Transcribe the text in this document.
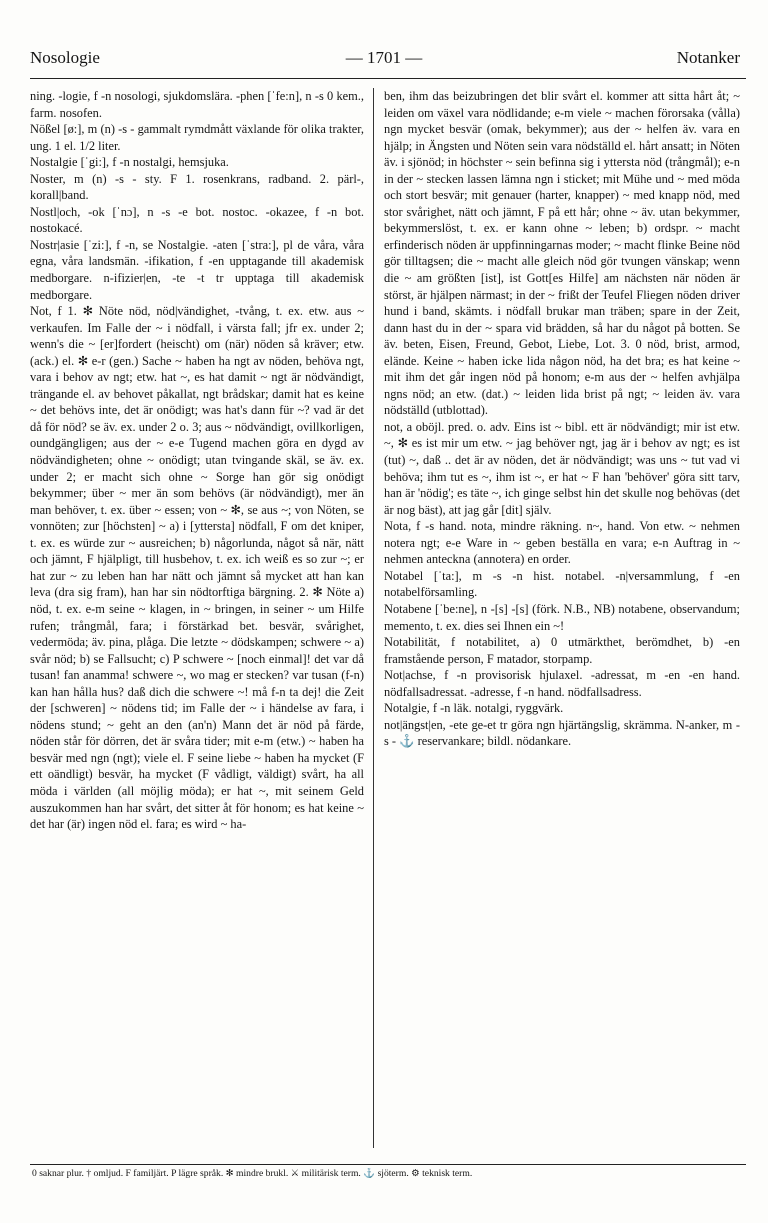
Nosologie	— 1701 —	Notanker

ning. -logie, f -n nosologi, sjukdomslära. -phen [ˈfe:n], n -s 0 kem., farm. nosofen.

Nößel [ø:], m (n) -s - gammalt rymdmått växlande för olika trakter, ung. 1 el. 1/2 liter.

Nostalgie [ˈgi:], f -n nostalgi, hemsjuka.

Noster, m (n) -s - sty. F 1. rosenkrans, radband. 2. pärl-, korall|band.

Nostl|och, -ok [ˈnɔ], n -s -e bot. nostoc. -okazee, f -n bot. nostokacé.

Nostr|asie [ˈzi:], f -n, se Nostalgie. -aten [ˈstra:], pl de våra, våra egna, våra landsmän. -ifikation, f -en upptagande till akademisk medborgare. n-ifizier|en, -te -t tr upptaga till akademisk medborgare.

Not, f 1. ✻ Nöte nöd, nöd|vändighet, -tvång, t. ex. etw. aus ~ verkaufen. Im Falle der ~ i nödfall, i värsta fall; jfr ex. under 2; wenn's die ~ [er]fordert (heischt) om (när) nöden så kräver; etw. (ack.) el. ✻ e-r (gen.) Sache ~ haben ha ngt av nöden, behöva ngt, vara i behov av ngt; etw. hat ~, es hat damit ~ ngt är nödvändigt, trängande el. av behovet påkallat, ngt brådskar; damit hat es keine ~ det behövs inte, det är onödigt; was hat's dann für ~? vad är det då för nöd? se äv. ex. under 2 o. 3; aus ~ nödvändigt, ovillkorligen, oundgängligen; aus der ~ e-e Tugend machen göra en dygd av nödvändigheten; ohne ~ onödigt; utan tvingande skäl, se äv. ex. under 2; er macht sich ohne ~ Sorge han gör sig onödigt bekymmer; über ~ mer än som behövs (är nödvändigt), mer än man behöver, t. ex. über ~ essen; von ~ ✻, se aus ~; von Nöten, se vonnöten; zur [höchsten] ~ a) i [yttersta] nödfall, F om det kniper, t. ex. es würde zur ~ ausreichen; b) någorlunda, något så när, nätt och jämnt, F hjälpligt, till husbehov, t. ex. ich weiß es so zur ~; er hat zur ~ zu leben han har nätt och jämnt så mycket att han kan leva (dra sig fram), han har sin nödtorftiga bärgning. 2. ✻ Nöte a) nöd, t. ex. e-m seine ~ klagen, in ~ bringen, in seiner ~ um Hilfe rufen; trångmål, fara; i förstärkad bet. besvär, svårighet, vedermöda; äv. pina, plåga. Die letzte ~ dödskampen; schwere ~ a) svår nöd; b) se Fallsucht; c) P schwere ~ [noch einmal]! det var då tusan! fan anamma! schwere ~, wo mag er stecken? var tusan (f-n) kan han hålla hus? daß dich die schwere ~! må f-n ta dej! die Zeit der [schweren] ~ nödens tid; im Falle der ~ i händelse av fara, i nödens stund; ~ geht an den (an'n) Mann det är nöd på färde, nöden står för dörren, det är svåra tider; mit e-m (etw.) ~ haben ha besvär med ngn (ngt); viele el. F seine liebe ~ haben ha mycket (F ett oändligt) besvär, ha mycket (F vådligt, väldigt) svårt, ha all möda i världen (all möjlig möda); er hat ~, mit seinem Geld auszukommen han har svårt, det sitter åt för honom; es hat keine ~ det har (är) ingen nöd el. fara; es wird ~ ha-

ben, ihm das beizubringen det blir svårt el. kommer att sitta hårt åt; ~ leiden om växel vara nödlidande; e-m viele ~ machen förorsaka (vålla) ngn mycket besvär (omak, bekymmer); aus der ~ helfen äv. vara en hjälp; in Ängsten und Nöten sein vara nödställd el. hårt ansatt; in Nöten äv. i sjönöd; in höchster ~ sein befinna sig i yttersta nöd (trångmål); e-n in der ~ stecken lassen lämna ngn i sticket; mit Mühe und ~ med möda och stort besvär; mit genauer (harter, knapper) ~ med knapp nöd, med stor svårighet, nätt och jämnt, F på ett hår; ohne ~ äv. utan bekymmer, bekymmerslöst, t. ex. er kann ohne ~ leben; b) ordspr. ~ macht erfinderisch nöden är uppfinningarnas moder; ~ macht flinke Beine nöd gör tilltagsen; die ~ macht alle gleich nöd gör tvungen vänskap; wenn die ~ am größten [ist], ist Gott[es Hilfe] am nächsten när nöden är störst, är hjälpen närmast; in der ~ frißt der Teufel Fliegen nöden driver hund i band, skämts. i nödfall brukar man träben; spare in der Zeit, dann hast du in der ~ spara vid brädden, så har du något på botten. Se äv. beten, Eisen, Freund, Gebot, Liebe, Lot. 3. 0 nöd, brist, armod, elände. Keine ~ haben icke lida någon nöd, ha det bra; es hat keine ~ mit ihm det går ingen nöd på honom; e-m aus der ~ helfen avhjälpa ngns nöd; an etw. (dat.) ~ leiden lida brist på ngt; ~ leiden äv. vara nödställd (utblottad).

not, a oböjl. pred. o. adv. Eins ist ~ bibl. ett är nödvändigt; mir ist etw. ~, ✻ es ist mir um etw. ~ jag behöver ngt, jag är i behov av ngt; es ist (tut) ~, daß .. det är av nöden, det är nödvändigt; was uns ~ tut vad vi behöva; ihm tut es ~, ihm ist ~, er hat ~ F han 'behöver' göra sitt tarv, han är 'nödig'; es täte ~, ich ginge selbst hin det skulle nog behövas (det är nog bäst), att jag går [dit] själv.

Nota, f -s hand. nota, mindre räkning. n~, hand. Von etw. ~ nehmen notera ngt; e-e Ware in ~ geben beställa en vara; e-n Auftrag in ~ nehmen anteckna (annotera) en order.

Notabel [ˈta:], m -s -n hist. notabel. -n|versammlung, f -en notabelförsamling.

Notabene [ˈbe:ne], n -[s] -[s] (förk. N.B., NB) notabene, observandum; memento, t. ex. dies sei Ihnen ein ~!

Notabilität, f notabilitet, a) 0 utmärkthet, berömdhet, b) -en framstående person, F matador, storpamp.

Not|achse, f -n provisorisk hjulaxel. -adressat, m -en -en hand. nödfallsadressat. -adresse, f -n hand. nödfallsadress.

Notalgie, f -n läk. notalgi, ryggvärk.

not|ängst|en, -ete ge-et tr göra ngn hjärtängslig, skrämma. N-anker, m -s - ⚓ reservankare; bildl. nödankare.

0 saknar plur. † omljud. F familjärt. P lägre språk. ✻ mindre brukl. ⚔ militärisk term. ⚓ sjöterm. ⚙ teknisk term.
